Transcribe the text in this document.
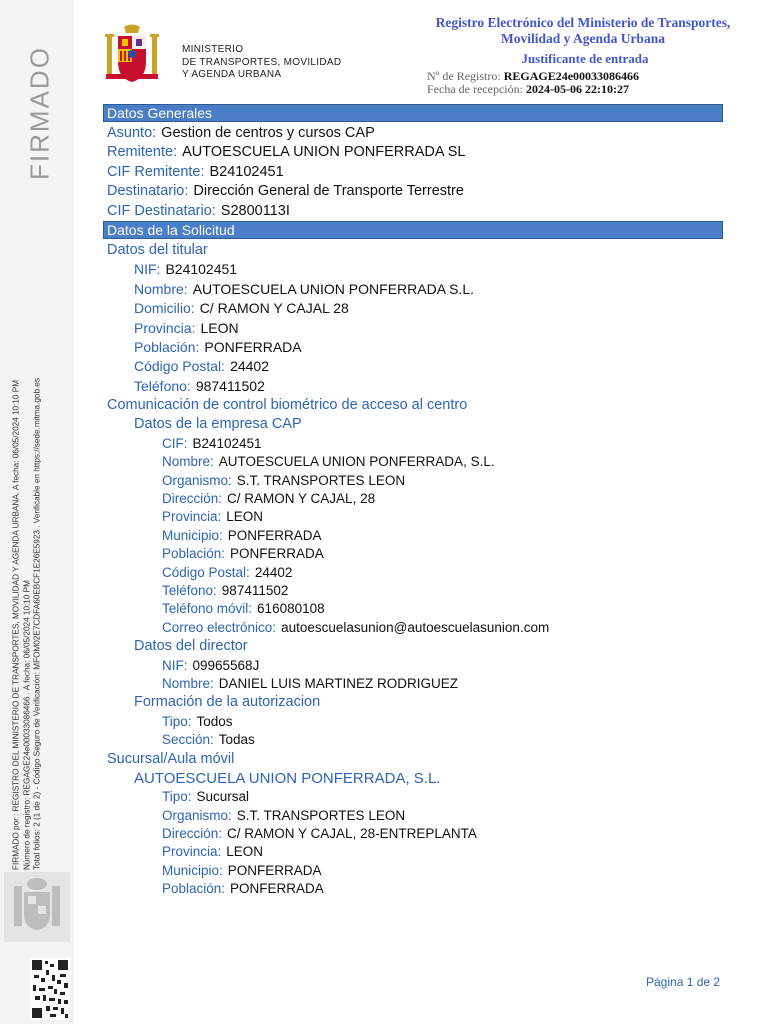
FIRMADO
FIRMADO por : REGISTRO DEL MINISTERIO DE TRANSPORTES, MOVILIDAD Y AGENDA URBANA. A fecha: 06/05/2024 10:10 PM Número de registro: REGAGE24e00033086466 . A fecha: 06/05/2024 10:10 PM Total folios: 2 (1 de 2) - Código Seguro de Verificación: MFOM02E7CDFA60EBCF1E26E5923 . Verificable en https://sede.mitma.gob.es
MINISTERIO
DE TRANSPORTES, MOVILIDAD
Y AGENDA URBANA
Registro Electrónico del Ministerio de Transportes,
Movilidad y Agenda Urbana
Justificante de entrada
Nº de Registro: REGAGE24e00033086466
Fecha de recepción: 2024-05-06 22:10:27
Datos Generales
Asunto: Gestion de centros y cursos CAP
Remitente: AUTOESCUELA UNION PONFERRADA SL
CIF Remitente: B24102451
Destinatario: Dirección General de Transporte Terrestre
CIF Destinatario: S2800113I
Datos de la Solicitud
Datos del titular
NIF: B24102451
Nombre: AUTOESCUELA UNION PONFERRADA S.L.
Domicilio: C/ RAMON Y CAJAL 28
Provincia: LEON
Población: PONFERRADA
Código Postal: 24402
Teléfono: 987411502
Comunicación de control biométrico de acceso al centro
Datos de la empresa CAP
CIF: B24102451
Nombre: AUTOESCUELA UNION PONFERRADA, S.L.
Organismo: S.T. TRANSPORTES LEON
Dirección: C/ RAMON Y CAJAL, 28
Provincia: LEON
Municipio: PONFERRADA
Población: PONFERRADA
Código Postal: 24402
Teléfono: 987411502
Teléfono móvil: 616080108
Correo electrónico: autoescuelasunion@autoescuelasunion.com
Datos del director
NIF: 09965568J
Nombre: DANIEL LUIS MARTINEZ RODRIGUEZ
Formación de la autorizacion
Tipo: Todos
Sección: Todas
Sucursal/Aula móvil
AUTOESCUELA UNION PONFERRADA, S.L.
Tipo: Sucursal
Organismo: S.T. TRANSPORTES LEON
Dirección: C/ RAMON Y CAJAL, 28-ENTREPLANTA
Provincia: LEON
Municipio: PONFERRADA
Población: PONFERRADA
Página 1 de 2
